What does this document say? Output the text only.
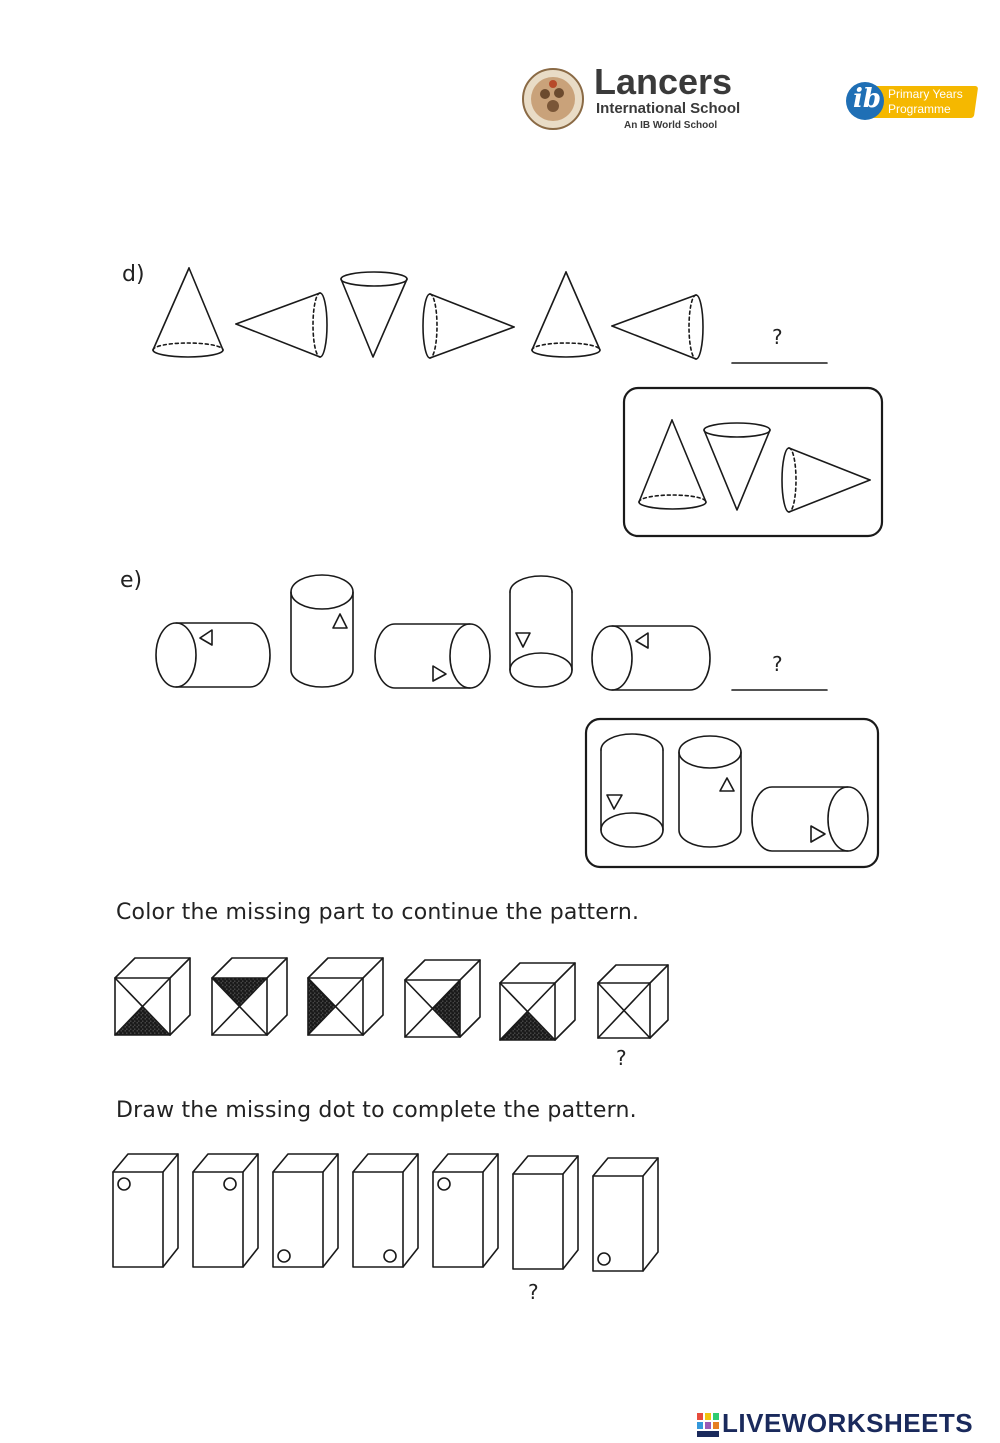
Lancers
International School
An IB World School
ib Primary Years
Programme
d)
?
e)
?
Color the missing part to continue the pattern.
?
Draw the missing dot to complete the pattern.
?
LIVEWORKSHEETS
